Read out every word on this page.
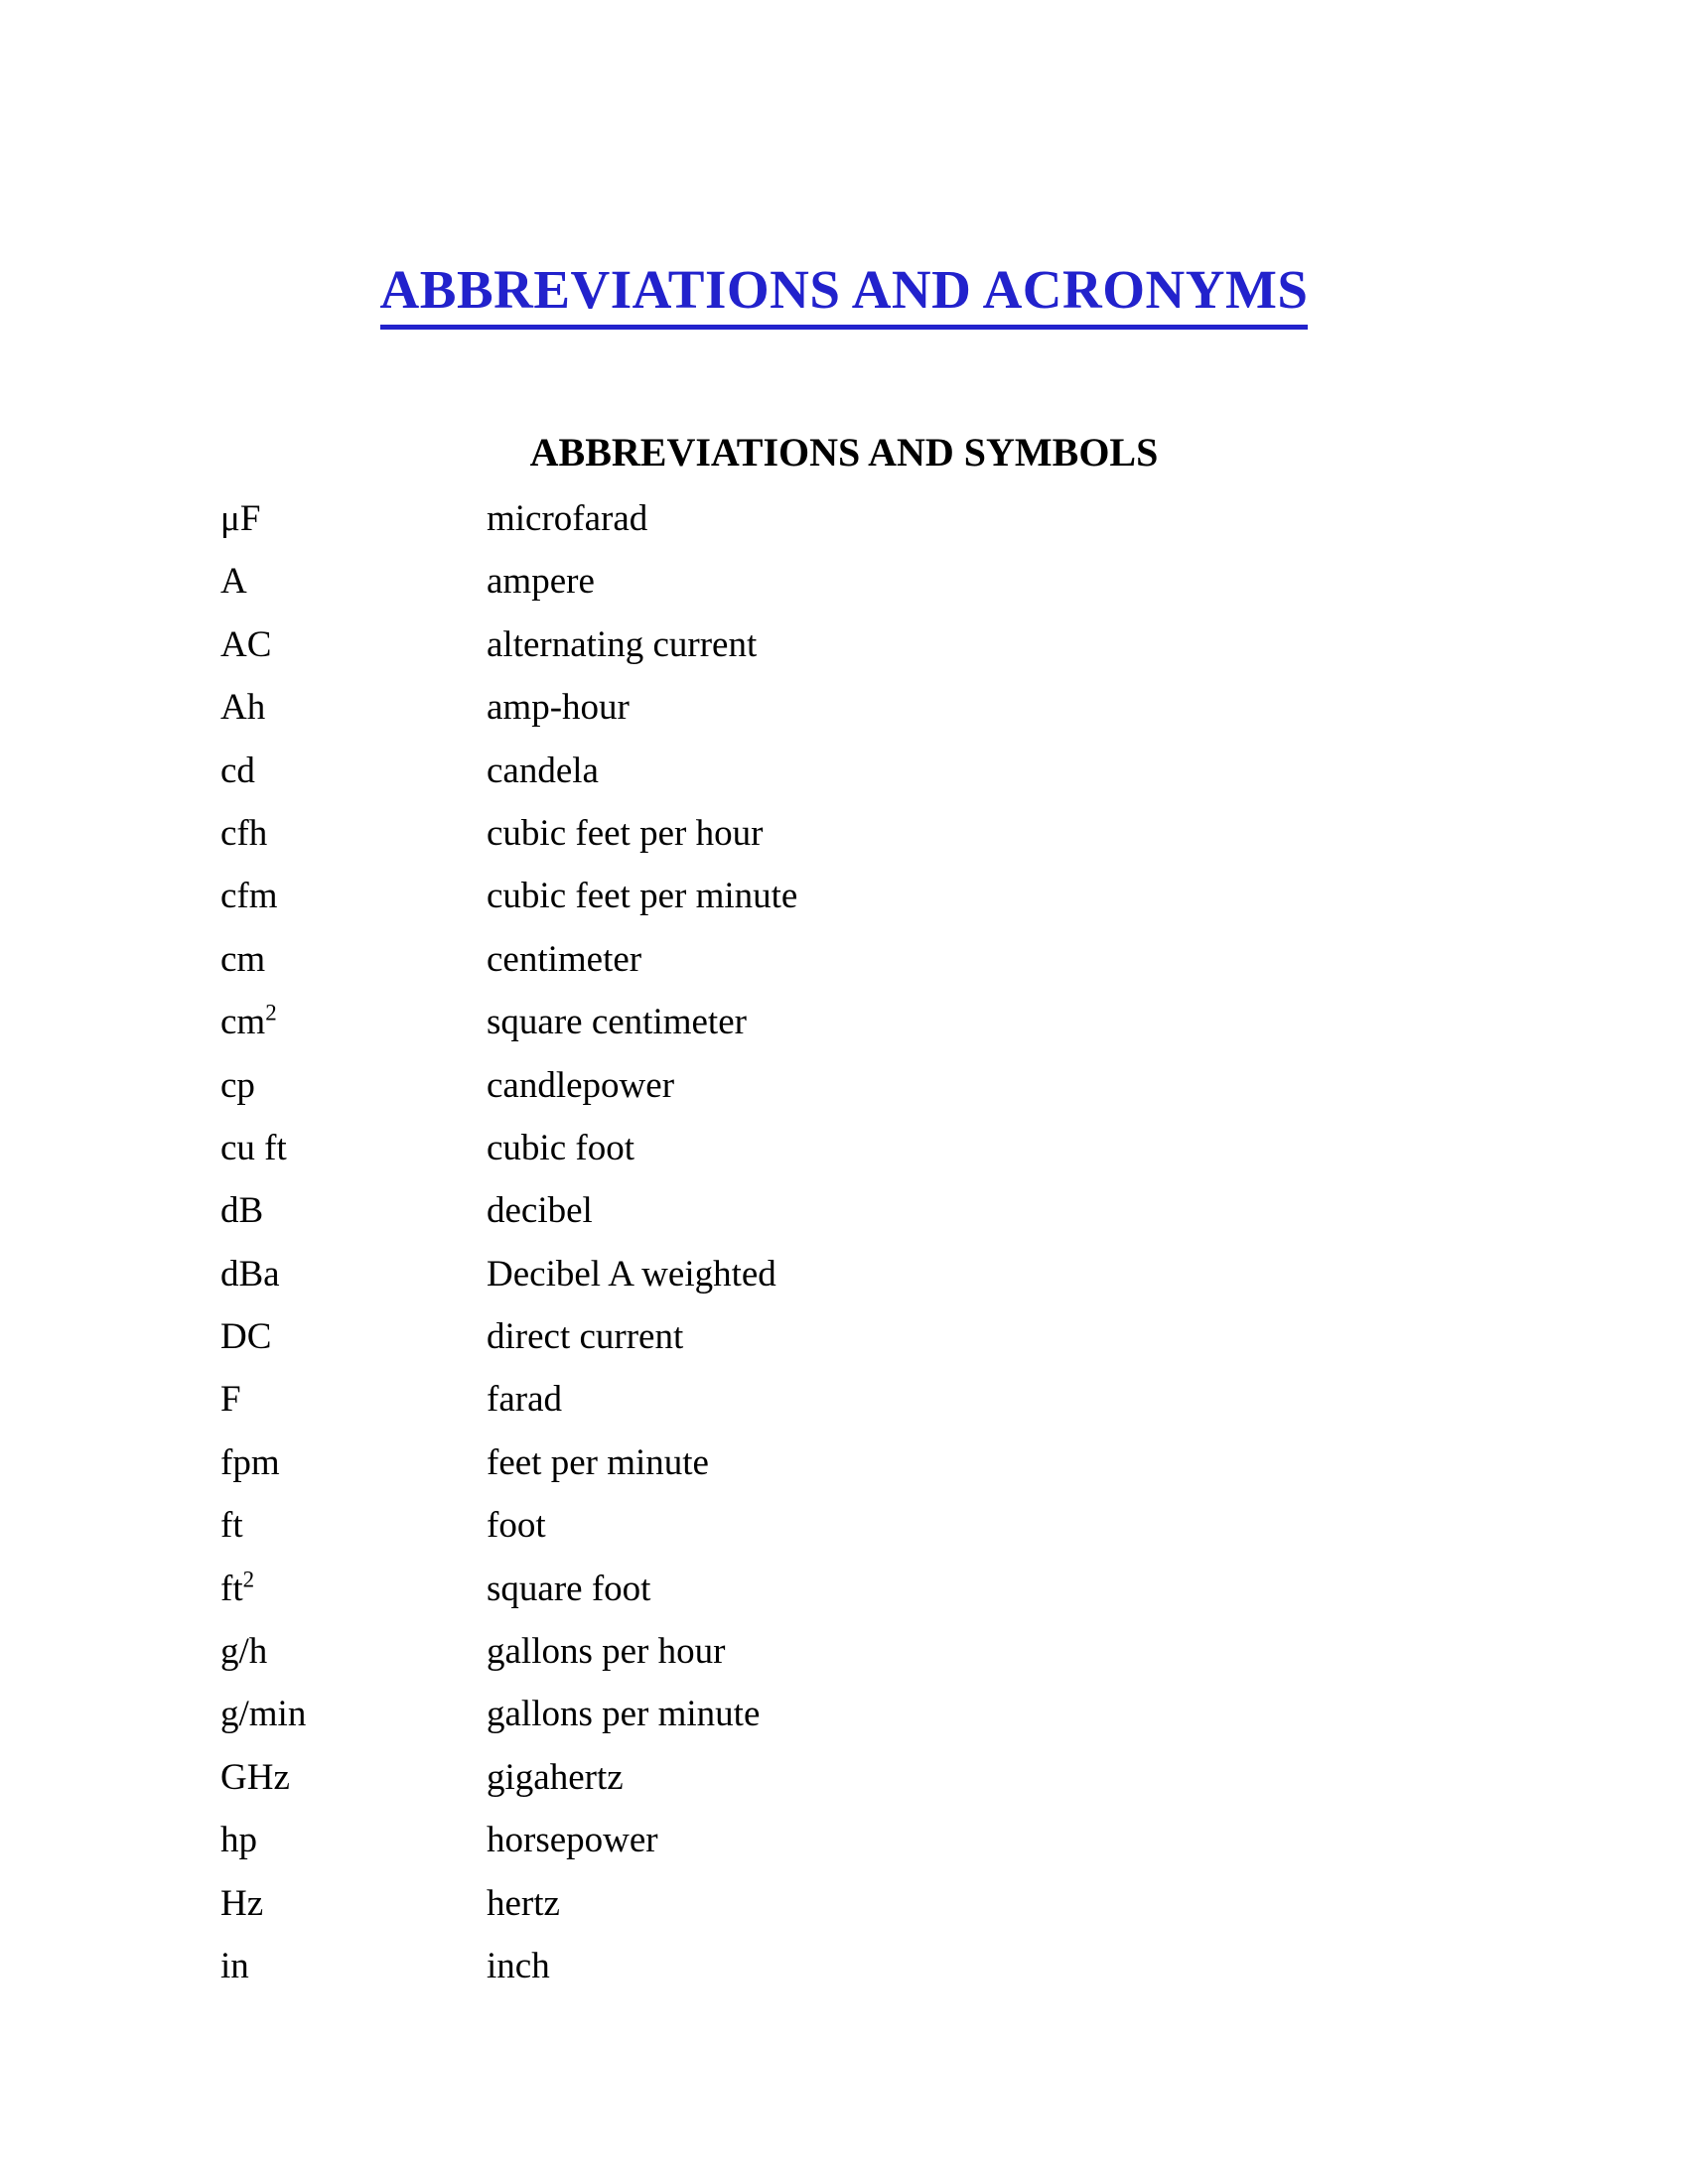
ABBREVIATIONS AND ACRONYMS
ABBREVIATIONS AND SYMBOLS
μF	microfarad
A	ampere
AC	alternating current
Ah	amp-hour
cd	candela
cfh	cubic feet per hour
cfm	cubic feet per minute
cm	centimeter
$cm^2$	square centimeter
cp	candlepower
cu ft	cubic foot
dB	decibel
dBa	Decibel A weighted
DC	direct current
F	farad
fpm	feet per minute
ft	foot
$ft^2$	square foot
g/h	gallons per hour
g/min	gallons per minute
GHz	gigahertz
hp	horsepower
Hz	hertz
in	inch
